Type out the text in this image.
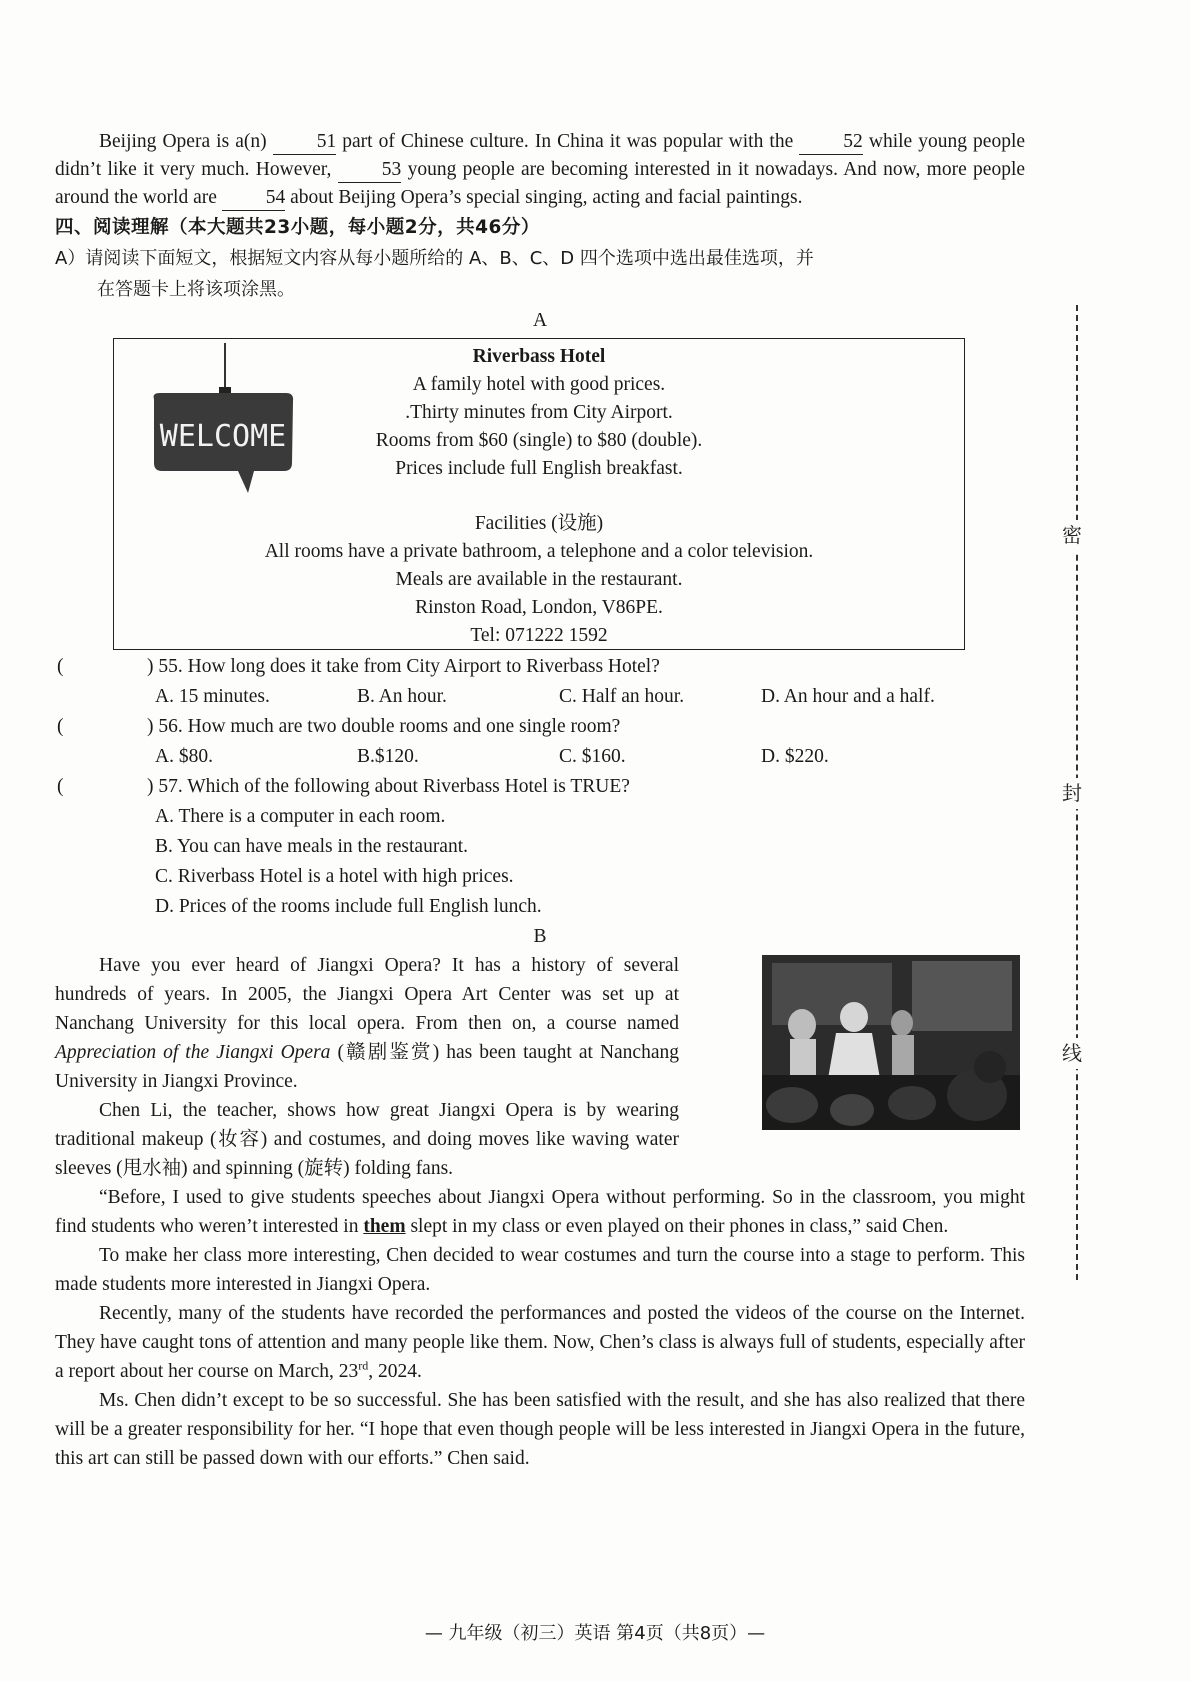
密
封
线

Beijing Opera is a(n)	51 part of Chinese culture. In China it was popular with the	52 while young people didn’t like it very much. However,	53 young people are becoming interested in it nowadays. And now, more people around the world are	54 about Beijing Opera’s special singing, acting and facial paintings.

四、阅读理解（本大题共23小题，每小题2分，共46分）

A）请阅读下面短文，根据短文内容从每小题所给的 A、B、C、D 四个选项中选出最佳选项，并

在答题卡上将该项涂黑。

A

WELCOME
Riverbass Hotel
A family hotel with good prices.
.Thirty minutes from City Airport.
Rooms from $60 (single) to $80 (double).
Prices include full English breakfast.
Facilities (设施)
All rooms have a private bathroom, a telephone and a color television.
Meals are available in the restaurant.
Rinston Road, London, V86PE.
Tel: 071222 1592
(	) 55. How long does it take from City Airport to Riverbass Hotel?
A. 15 minutes.	B. An hour.	C. Half an hour.	D. An hour and a half.
(	) 56. How much are two double rooms and one single room?
A. $80.	B.$120.	C. $160.	D. $220.
(	) 57. Which of the following about Riverbass Hotel is TRUE?
A. There is a computer in each room.
B. You can have meals in the restaurant.
C. Riverbass Hotel is a hotel with high prices.
D. Prices of the rooms include full English lunch.

B

Have you ever heard of Jiangxi Opera? It has a history of several hundreds of years. In 2005, the Jiangxi Opera Art Center was set up at Nanchang University for this local opera. From then on, a course named Appreciation of the Jiangxi Opera (赣剧鉴赏) has been taught at Nanchang University in Jiangxi Province.

Chen Li, the teacher, shows how great Jiangxi Opera is by wearing traditional makeup (妆容) and costumes, and doing moves like waving water sleeves (甩水袖) and spinning (旋转) folding fans.

“Before, I used to give students speeches about Jiangxi Opera without performing. So in the classroom, you might find students who weren’t interested in them slept in my class or even played on their phones in class,” said Chen.

To make her class more interesting, Chen decided to wear costumes and turn the course into a stage to perform. This made students more interested in Jiangxi Opera.

Recently, many of the students have recorded the performances and posted the videos of the course on the Internet. They have caught tons of attention and many people like them. Now, Chen’s class is always full of students, especially after a report about her course on March, 23rd, 2024.

Ms. Chen didn’t except to be so successful. She has been satisfied with the result, and she has also realized that there will be a greater responsibility for her. “I hope that even though people will be less interested in Jiangxi Opera in the future, this art can still be passed down with our efforts.” Chen said.

— 九年级（初三）英语 第4页（共8页）—
